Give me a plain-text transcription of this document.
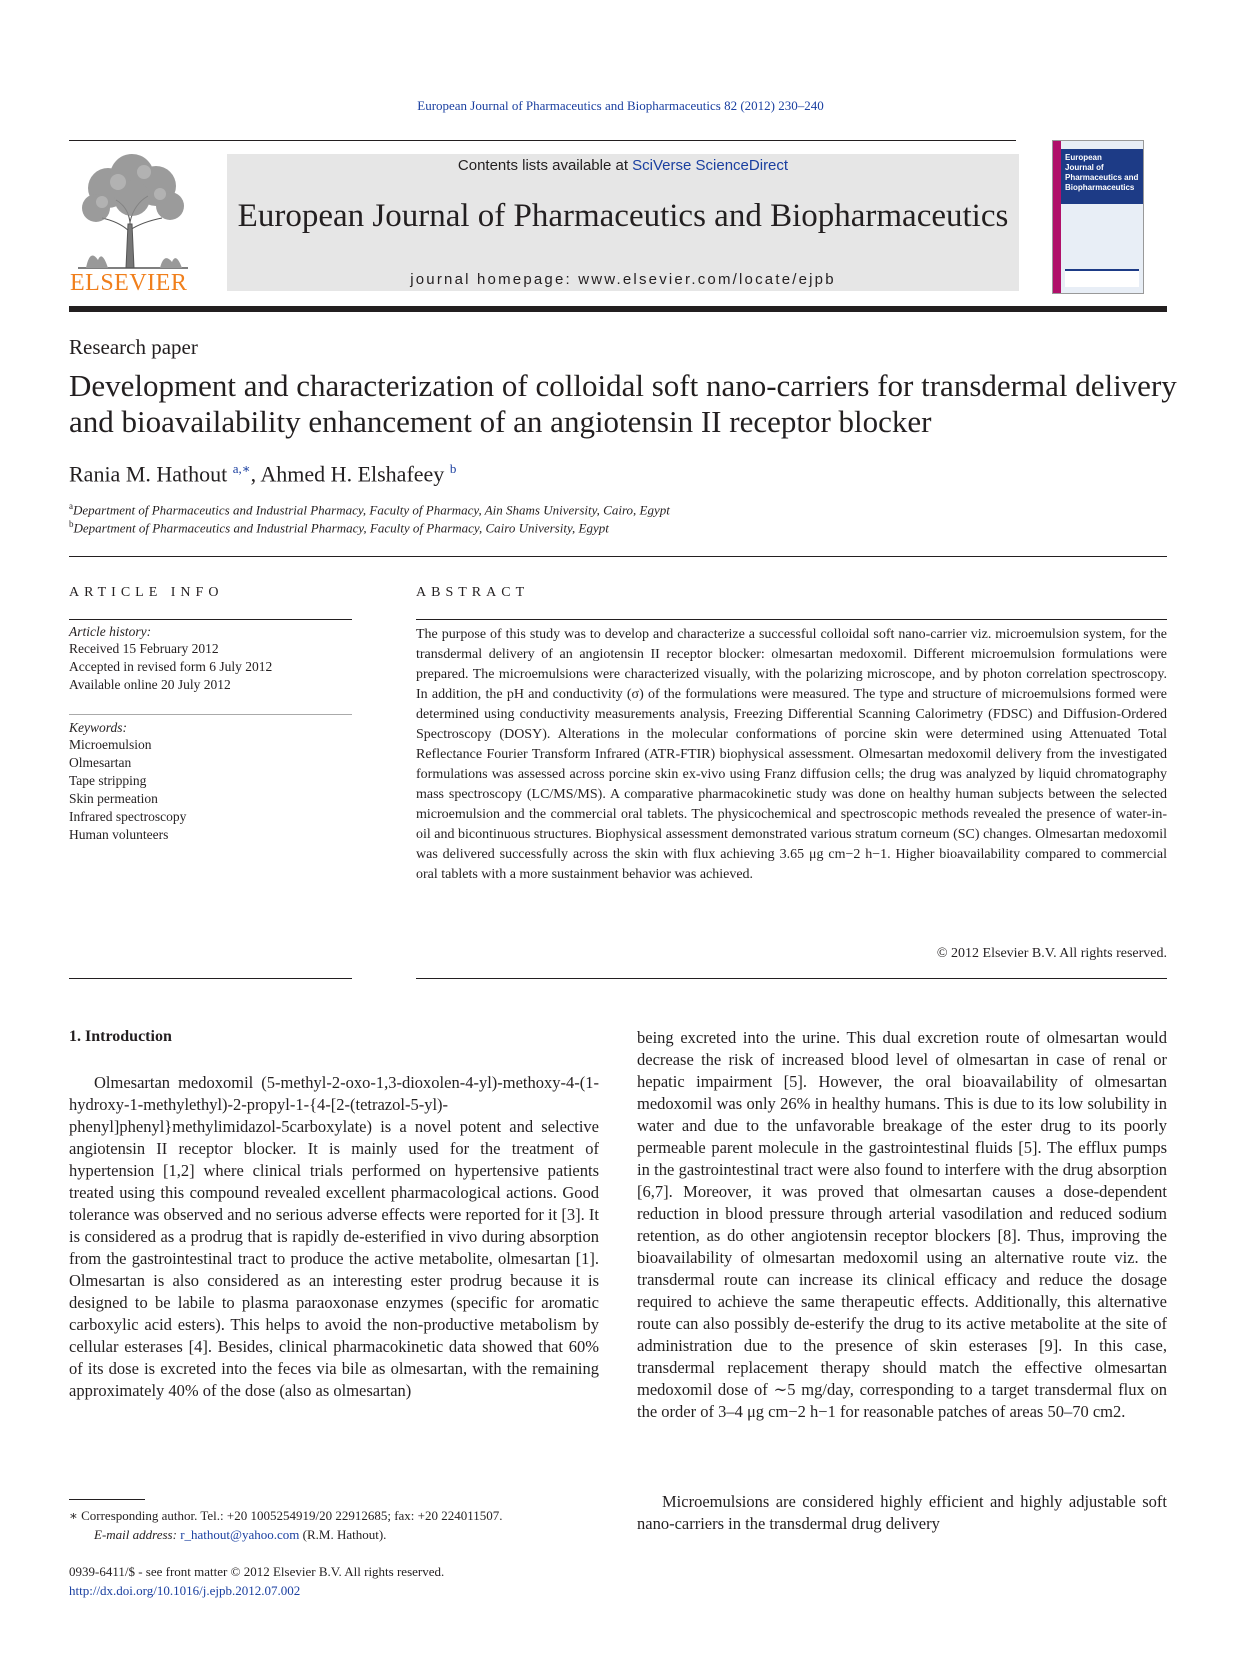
European Journal of Pharmaceutics and Biopharmaceutics 82 (2012) 230–240
ELSEVIER
Contents lists available at SciVerse ScienceDirect
European Journal of Pharmaceutics and Biopharmaceutics
journal homepage: www.elsevier.com/locate/ejpb
European
Journal of
Pharmaceutics and
Biopharmaceutics
Research paper
Development and characterization of colloidal soft nano-carriers for transdermal delivery and bioavailability enhancement of an angiotensin II receptor blocker
Rania M. Hathout $^{a,∗}$, Ahmed H. Elshafeey $^b$
$^a$Department of Pharmaceutics and Industrial Pharmacy, Faculty of Pharmacy, Ain Shams University, Cairo, Egypt
$^b$Department of Pharmaceutics and Industrial Pharmacy, Faculty of Pharmacy, Cairo University, Egypt
ARTICLE INFO
Article history:
Received 15 February 2012
Accepted in revised form 6 July 2012
Available online 20 July 2012
Keywords:
Microemulsion
Olmesartan
Tape stripping
Skin permeation
Infrared spectroscopy
Human volunteers
ABSTRACT
The purpose of this study was to develop and characterize a successful colloidal soft nano-carrier viz. microemulsion system, for the transdermal delivery of an angiotensin II receptor blocker: olmesartan medoxomil. Different microemulsion formulations were prepared. The microemulsions were characterized visually, with the polarizing microscope, and by photon correlation spectroscopy. In addition, the pH and conductivity (σ) of the formulations were measured. The type and structure of microemulsions formed were determined using conductivity measurements analysis, Freezing Differential Scanning Calorimetry (FDSC) and Diffusion-Ordered Spectroscopy (DOSY). Alterations in the molecular conformations of porcine skin were determined using Attenuated Total Reflectance Fourier Transform Infrared (ATR-FTIR) biophysical assessment. Olmesartan medoxomil delivery from the investigated formulations was assessed across porcine skin ex-vivo using Franz diffusion cells; the drug was analyzed by liquid chromatography mass spectroscopy (LC/MS/MS). A comparative pharmacokinetic study was done on healthy human subjects between the selected microemulsion and the commercial oral tablets. The physicochemical and spectroscopic methods revealed the presence of water-in-oil and bicontinuous structures. Biophysical assessment demonstrated various stratum corneum (SC) changes. Olmesartan medoxomil was delivered successfully across the skin with flux achieving 3.65 μg cm−2 h−1. Higher bioavailability compared to commercial oral tablets with a more sustainment behavior was achieved.
© 2012 Elsevier B.V. All rights reserved.
1. Introduction
Olmesartan medoxomil (5-methyl-2-oxo-1,3-dioxolen-4-yl)-methoxy-4-(1-hydroxy-1-methylethyl)-2-propyl-1-{4-[2-(tetrazol-5-yl)-phenyl]phenyl}methylimidazol-5carboxylate) is a novel potent and selective angiotensin II receptor blocker. It is mainly used for the treatment of hypertension [1,2] where clinical trials performed on hypertensive patients treated using this compound revealed excellent pharmacological actions. Good tolerance was observed and no serious adverse effects were reported for it [3]. It is considered as a prodrug that is rapidly de-esterified in vivo during absorption from the gastrointestinal tract to produce the active metabolite, olmesartan [1]. Olmesartan is also considered as an interesting ester prodrug because it is designed to be labile to plasma paraoxonase enzymes (specific for aromatic carboxylic acid esters). This helps to avoid the non-productive metabolism by cellular esterases [4]. Besides, clinical pharmacokinetic data showed that 60% of its dose is excreted into the feces via bile as olmesartan, with the remaining approximately 40% of the dose (also as olmesartan)
being excreted into the urine. This dual excretion route of olmesartan would decrease the risk of increased blood level of olmesartan in case of renal or hepatic impairment [5]. However, the oral bioavailability of olmesartan medoxomil was only 26% in healthy humans. This is due to its low solubility in water and due to the unfavorable breakage of the ester drug to its poorly permeable parent molecule in the gastrointestinal fluids [5]. The efflux pumps in the gastrointestinal tract were also found to interfere with the drug absorption [6,7]. Moreover, it was proved that olmesartan causes a dose-dependent reduction in blood pressure through arterial vasodilation and reduced sodium retention, as do other angiotensin receptor blockers [8]. Thus, improving the bioavailability of olmesartan medoxomil using an alternative route viz. the transdermal route can increase its clinical efficacy and reduce the dosage required to achieve the same therapeutic effects. Additionally, this alternative route can also possibly de-esterify the drug to its active metabolite at the site of administration due to the presence of skin esterases [9]. In this case, transdermal replacement therapy should match the effective olmesartan medoxomil dose of ∼5 mg/day, corresponding to a target transdermal flux on the order of 3–4 μg cm−2 h−1 for reasonable patches of areas 50–70 cm2.
Microemulsions are considered highly efficient and highly adjustable soft nano-carriers in the transdermal drug delivery
∗ Corresponding author. Tel.: +20 1005254919/20 22912685; fax: +20 224011507.
E-mail address: r_hathout@yahoo.com (R.M. Hathout).
0939-6411/$ - see front matter © 2012 Elsevier B.V. All rights reserved.
http://dx.doi.org/10.1016/j.ejpb.2012.07.002
